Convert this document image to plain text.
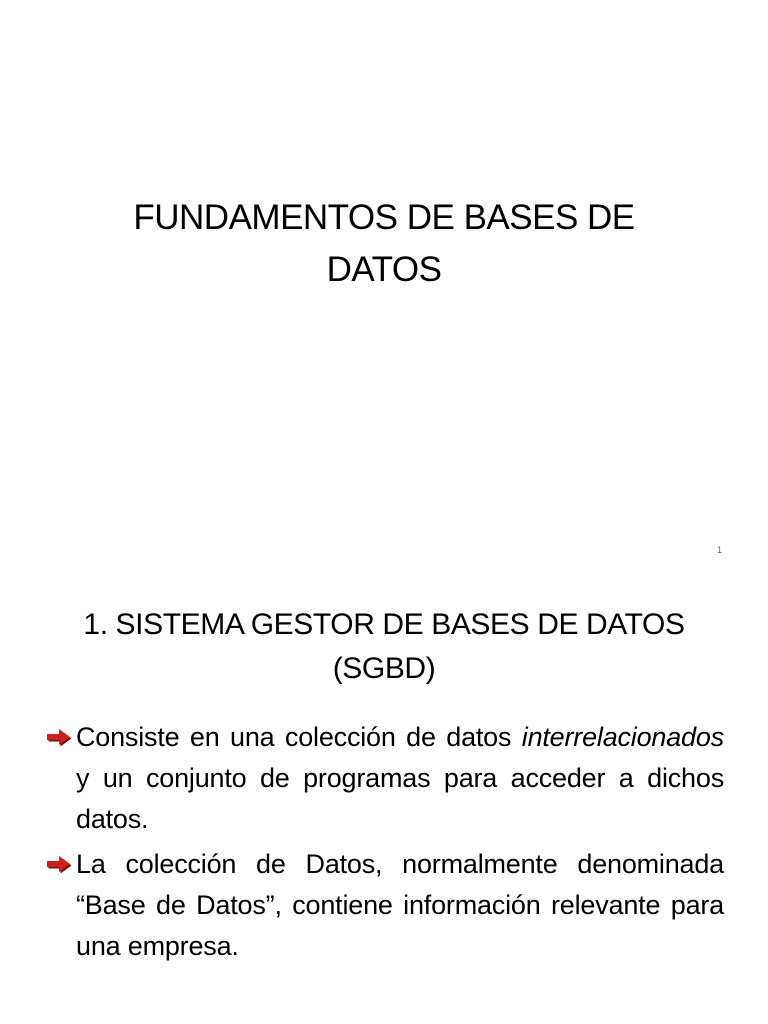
FUNDAMENTOS DE BASES DE
DATOS
1
1. SISTEMA GESTOR DE BASES DE DATOS
(SGBD)
Consiste en una colección de datos interrelacionados y un conjunto de programas para acceder a dichos datos.
La colección de Datos, normalmente denominada “Base de Datos”, contiene información relevante para una empresa.
